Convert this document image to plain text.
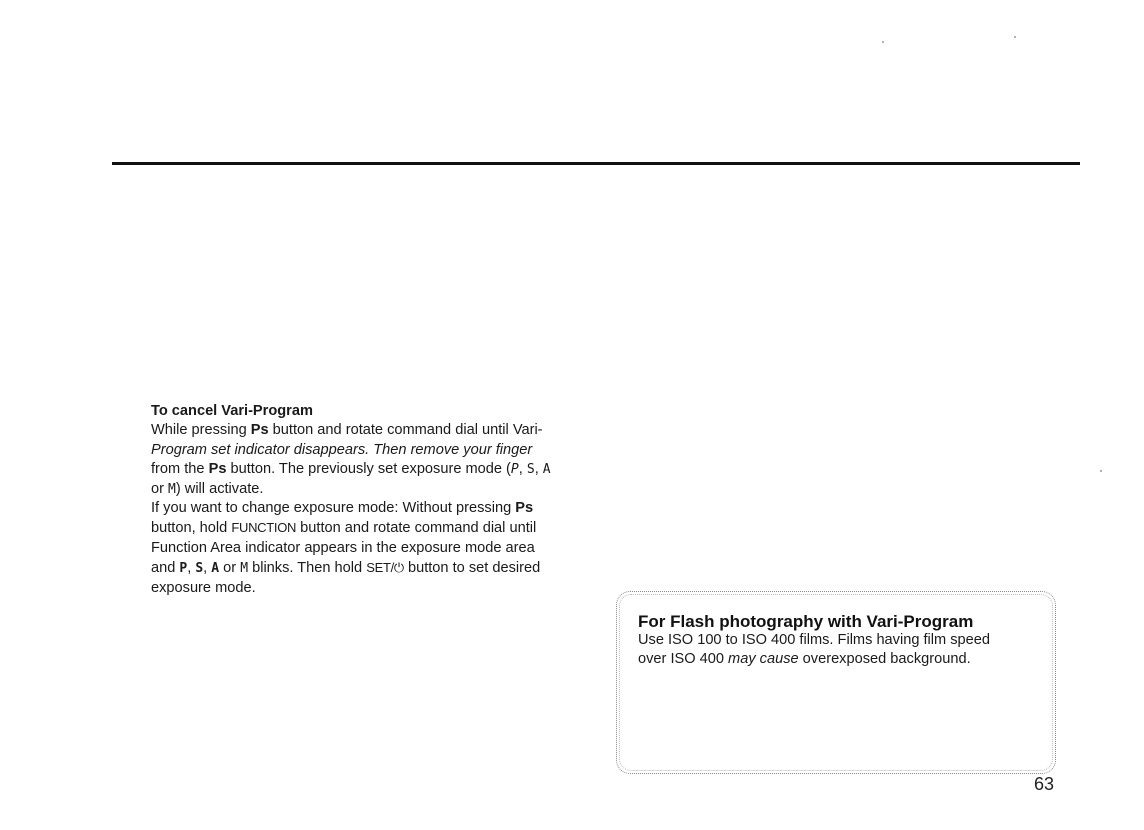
To cancel Vari-Program

While pressing Ps button and rotate command dial until Vari-
Program set indicator disappears. Then remove your finger
from the Ps button. The previously set exposure mode (P, S, A
or M) will activate.

If you want to change exposure mode: Without pressing Ps
button, hold FUNCTION button and rotate command dial until
Function Area indicator appears in the exposure mode area
and P, S, A or M blinks. Then hold SET/⏻ button to set desired
exposure mode.

For Flash photography with Vari-Program
Use ISO 100 to ISO 400 films. Films having film speed
over ISO 400 may cause overexposed background.
63
